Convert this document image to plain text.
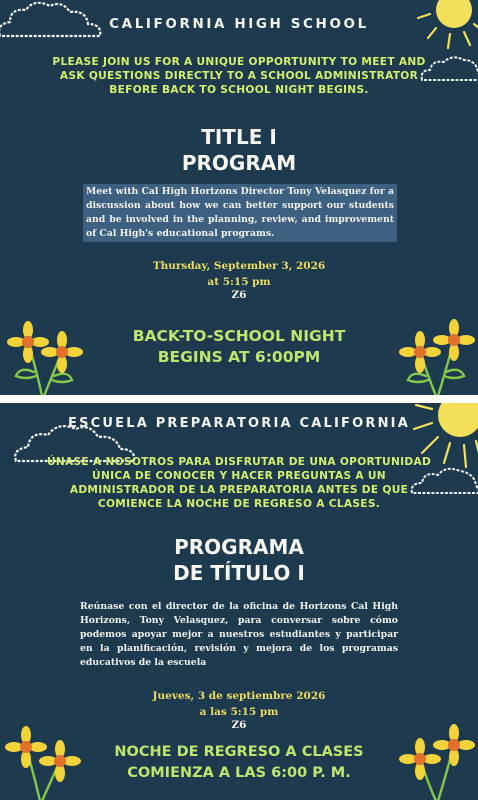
CALIFORNIA HIGH SCHOOL
PLEASE JOIN US FOR A UNIQUE OPPORTUNITY TO MEET AND
ASK QUESTIONS DIRECTLY TO A SCHOOL ADMINISTRATOR
BEFORE BACK TO SCHOOL NIGHT BEGINS.
TITLE I
PROGRAM

Meet with Cal High Horizons Director Tony Velasquez for a discussion about how we can better support our students and be involved in the planning, review, and improvement of Cal High's educational programs.

Thursday, September 3, 2026
at 5:15 pm
Z6
BACK-TO-SCHOOL NIGHT
BEGINS AT 6:00PM
ESCUELA PREPARATORIA CALIFORNIA
ÚNASE A NOSOTROS PARA DISFRUTAR DE UNA OPORTUNIDAD
ÚNICA DE CONOCER Y HACER PREGUNTAS A UN
ADMINISTRADOR DE LA PREPARATORIA ANTES DE QUE
COMIENCE LA NOCHE DE REGRESO A CLASES.
PROGRAMA
DE TÍTULO I

Reúnase con el director de la oficina de Horizons Cal High Horizons, Tony Velasquez, para conversar sobre cómo podemos apoyar mejor a nuestros estudiantes y participar en la planificación, revisión y mejora de los programas educativos de la escuela

Jueves, 3 de septiembre 2026
a las 5:15 pm
Z6
NOCHE DE REGRESO A CLASES
COMIENZA A LAS 6:00 P. M.
